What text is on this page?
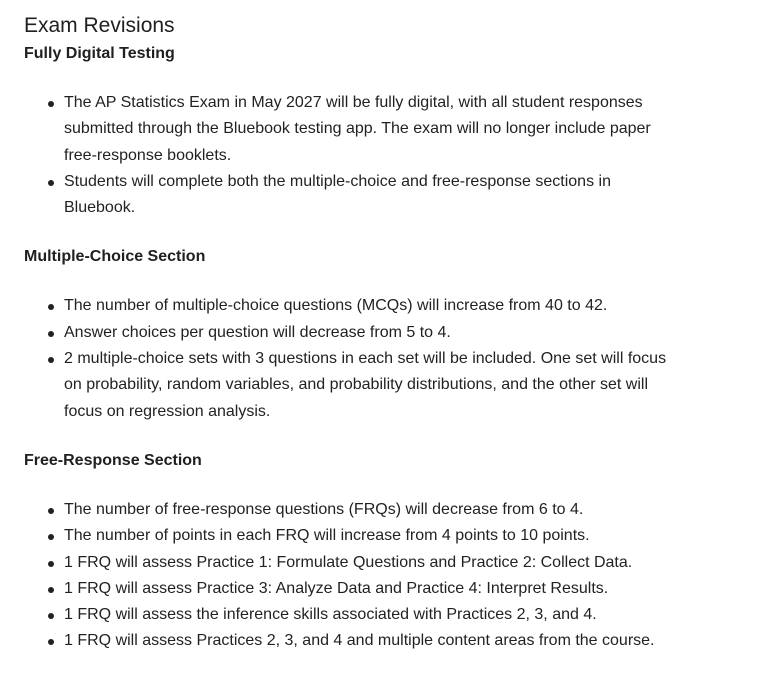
Exam Revisions
Fully Digital Testing
The AP Statistics Exam in May 2027 will be fully digital, with all student responses submitted through the Bluebook testing app. The exam will no longer include paper free-response booklets.
Students will complete both the multiple-choice and free-response sections in Bluebook.
Multiple-Choice Section
The number of multiple-choice questions (MCQs) will increase from 40 to 42.
Answer choices per question will decrease from 5 to 4.
2 multiple-choice sets with 3 questions in each set will be included. One set will focus on probability, random variables, and probability distributions, and the other set will focus on regression analysis.
Free-Response Section
The number of free-response questions (FRQs) will decrease from 6 to 4.
The number of points in each FRQ will increase from 4 points to 10 points.
1 FRQ will assess Practice 1: Formulate Questions and Practice 2: Collect Data.
1 FRQ will assess Practice 3: Analyze Data and Practice 4: Interpret Results.
1 FRQ will assess the inference skills associated with Practices 2, 3, and 4.
1 FRQ will assess Practices 2, 3, and 4 and multiple content areas from the course.
